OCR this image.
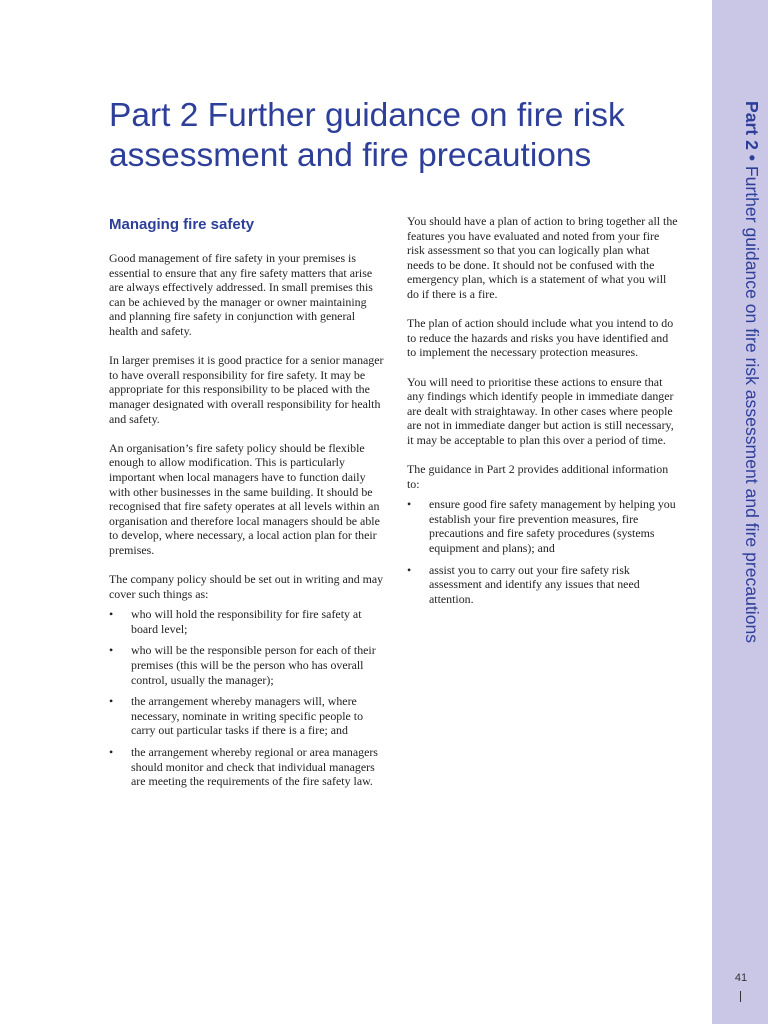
Part 2 • Further guidance on fire risk assessment and fire precautions
41
Part 2 Further guidance on fire risk assessment and fire precautions
Managing fire safety

Good management of fire safety in your premises is essential to ensure that any fire safety matters that arise are always effectively addressed. In small premises this can be achieved by the manager or owner maintaining and planning fire safety in conjunction with general health and safety.

In larger premises it is good practice for a senior manager to have overall responsibility for fire safety. It may be appropriate for this responsibility to be placed with the manager designated with overall responsibility for health and safety.

An organisation’s fire safety policy should be flexible enough to allow modification. This is particularly important when local managers have to function daily with other businesses in the same building. It should be recognised that fire safety operates at all levels within an organisation and therefore local managers should be able to develop, where necessary, a local action plan for their premises.

The company policy should be set out in writing and may cover such things as:

• who will hold the responsibility for fire safety at board level;
• who will be the responsible person for each of their premises (this will be the person who has overall control, usually the manager);
• the arrangement whereby managers will, where necessary, nominate in writing specific people to carry out particular tasks if there is a fire; and
• the arrangement whereby regional or area managers should monitor and check that individual managers are meeting the requirements of the fire safety law.

You should have a plan of action to bring together all the features you have evaluated and noted from your fire risk assessment so that you can logically plan what needs to be done. It should not be confused with the emergency plan, which is a statement of what you will do if there is a fire.

The plan of action should include what you intend to do to reduce the hazards and risks you have identified and to implement the necessary protection measures.

You will need to prioritise these actions to ensure that any findings which identify people in immediate danger are dealt with straightaway. In other cases where people are not in immediate danger but action is still necessary, it may be acceptable to plan this over a period of time.

The guidance in Part 2 provides additional information to:

• ensure good fire safety management by helping you establish your fire prevention measures, fire precautions and fire safety procedures (systems equipment and plans); and
• assist you to carry out your fire safety risk assessment and identify any issues that need attention.
